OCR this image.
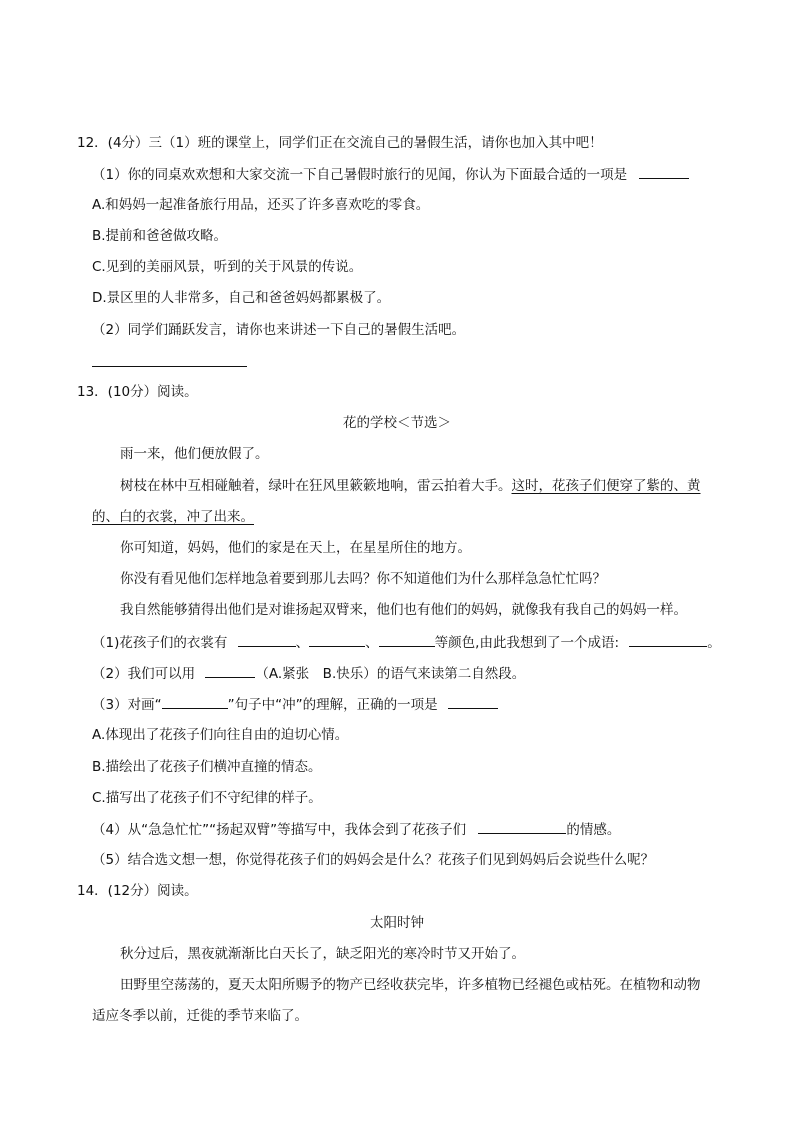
12．(4分）三（1）班的课堂上，同学们正在交流自己的暑假生活，请你也加入其中吧！
（1）你的同桌欢欢想和大家交流一下自己暑假时旅行的见闻，你认为下面最合适的一项是
A.和妈妈一起准备旅行用品，还买了许多喜欢吃的零食。
B.提前和爸爸做攻略。
C.见到的美丽风景，听到的关于风景的传说。
D.景区里的人非常多，自己和爸爸妈妈都累极了。
（2）同学们踊跃发言，请你也来讲述一下自己的暑假生活吧。
13．(10分）阅读。
花的学校＜节选＞
雨一来，他们便放假了。
树枝在林中互相碰触着，绿叶在狂风里簌簌地响，雷云拍着大手。这时，花孩子们便穿了紫的、黄
的、白的衣裳，冲了出来。
你可知道，妈妈，他们的家是在天上，在星星所住的地方。
你没有看见他们怎样地急着要到那儿去吗？你不知道他们为什么那样急急忙忙吗？
我自然能够猜得出他们是对谁扬起双臂来，他们也有他们的妈妈，就像我有我自己的妈妈一样。
（1)花孩子们的衣裳有	、	、	等颜色,由此我想到了一个成语:	。
（2）我们可以用	（A.紧张　B.快乐）的语气来读第二自然段。
（3）对画“	”句子中“冲”的理解，正确的一项是
A.体现出了花孩子们向往自由的迫切心情。
B.描绘出了花孩子们横冲直撞的情态。
C.描写出了花孩子们不守纪律的样子。
（4）从“急急忙忙”“扬起双臂”等描写中，我体会到了花孩子们	的情感。
（5）结合选文想一想，你觉得花孩子们的妈妈会是什么？花孩子们见到妈妈后会说些什么呢？
14．(12分）阅读。
太阳时钟
秋分过后，黑夜就渐渐比白天长了，缺乏阳光的寒冷时节又开始了。
田野里空荡荡的，夏天太阳所赐予的物产已经收获完毕，许多植物已经褪色或枯死。在植物和动物
适应冬季以前，迁徙的季节来临了。
